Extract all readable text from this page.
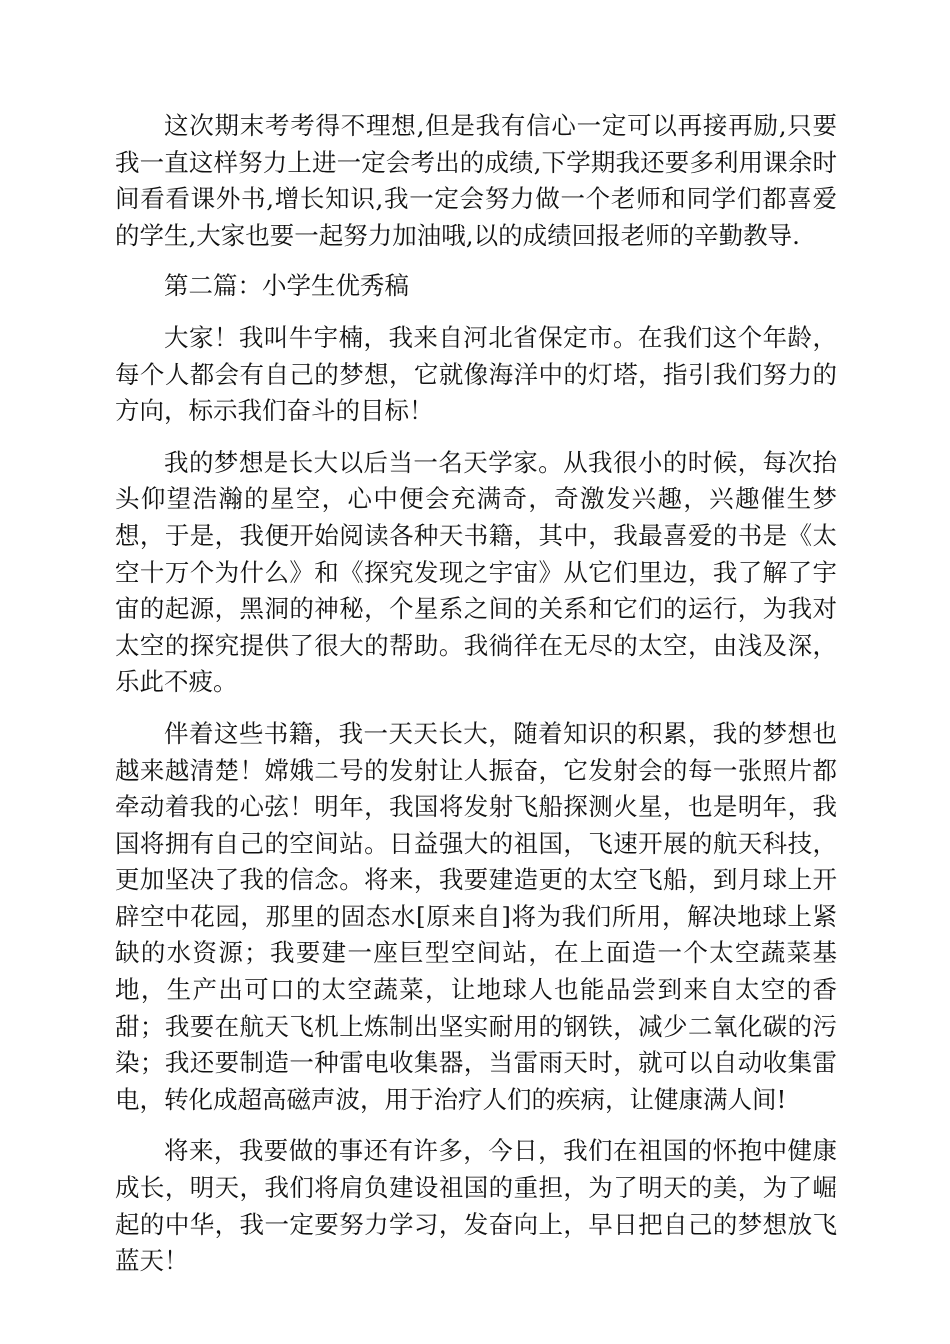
这次期末考考得不理想,但是我有信心一定可以再接再励,只要我一直这样努力上进一定会考出的成绩,下学期我还要多利用课余时间看看课外书,增长知识,我一定会努力做一个老师和同学们都喜爱的学生,大家也要一起努力加油哦,以的成绩回报老师的辛勤教导.

第二篇：小学生优秀稿

大家！我叫牛宇楠，我来自河北省保定市。在我们这个年龄，每个人都会有自己的梦想，它就像海洋中的灯塔，指引我们努力的方向，标示我们奋斗的目标！

我的梦想是长大以后当一名天学家。从我很小的时候，每次抬头仰望浩瀚的星空，心中便会充满奇，奇激发兴趣，兴趣催生梦想，于是，我便开始阅读各种天书籍，其中，我最喜爱的书是《太空十万个为什么》和《探究发现之宇宙》从它们里边，我了解了宇宙的起源，黑洞的神秘，个星系之间的关系和它们的运行，为我对太空的探究提供了很大的帮助。我徜徉在无尽的太空，由浅及深，乐此不疲。

伴着这些书籍，我一天天长大，随着知识的积累，我的梦想也越来越清楚！嫦娥二号的发射让人振奋，它发射会的每一张照片都牵动着我的心弦！明年，我国将发射飞船探测火星，也是明年，我国将拥有自己的空间站。日益强大的祖国，飞速开展的航天科技，更加坚决了我的信念。将来，我要建造更的太空飞船，到月球上开辟空中花园，那里的固态水[原来自]将为我们所用，解决地球上紧缺的水资源；我要建一座巨型空间站，在上面造一个太空蔬菜基地，生产出可口的太空蔬菜，让地球人也能品尝到来自太空的香甜；我要在航天飞机上炼制出坚实耐用的钢铁，减少二氧化碳的污染；我还要制造一种雷电收集器，当雷雨天时，就可以自动收集雷电，转化成超高磁声波，用于治疗人们的疾病，让健康满人间!

将来，我要做的事还有许多，今日，我们在祖国的怀抱中健康成长，明天，我们将肩负建设祖国的重担，为了明天的美，为了崛起的中华，我一定要努力学习，发奋向上，早日把自己的梦想放飞蓝天！
